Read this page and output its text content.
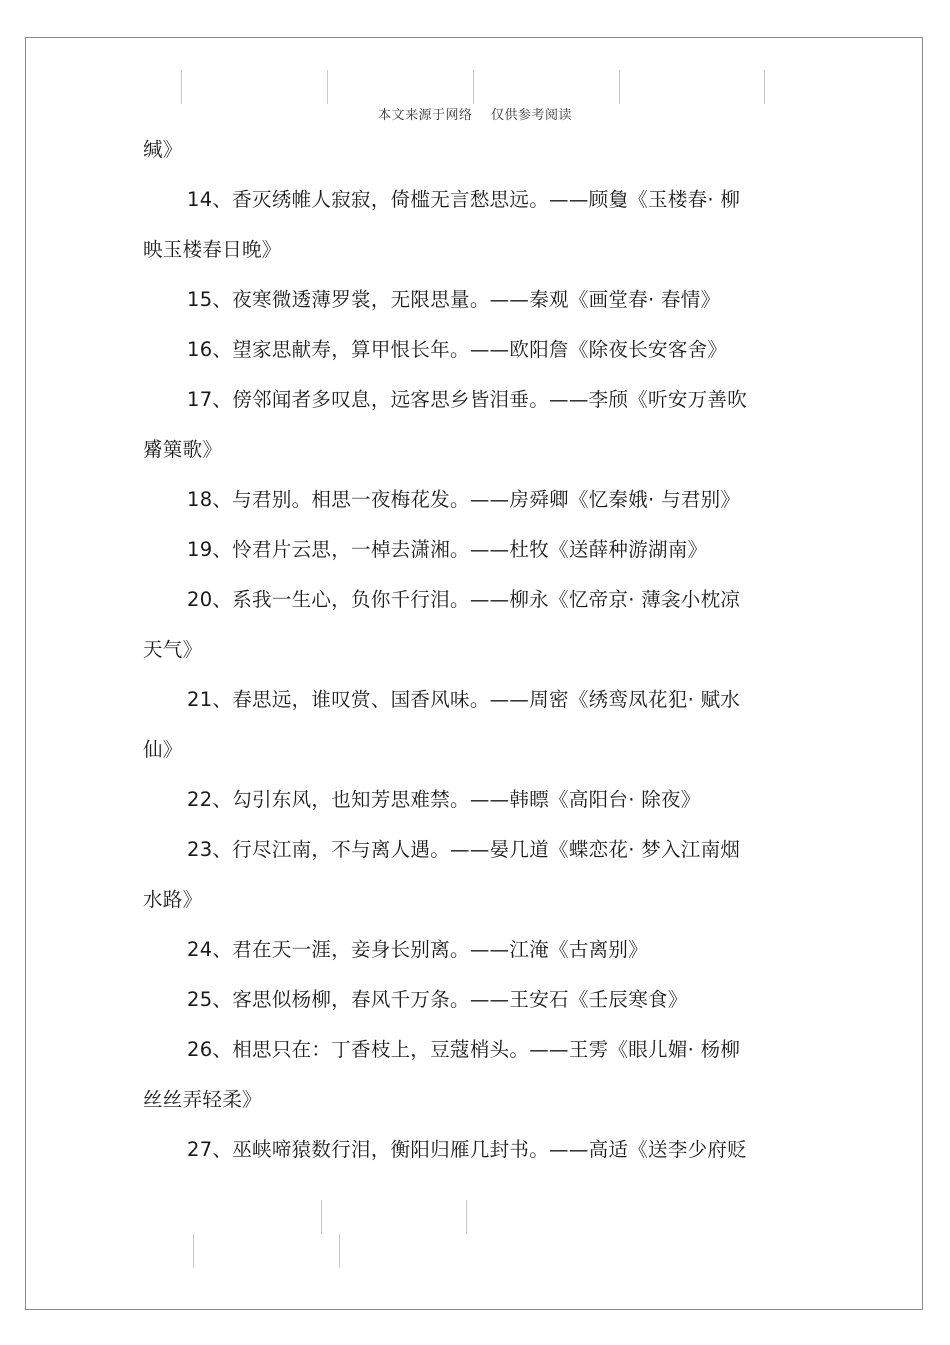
本文来源于网络    仅供参考阅读
缄》
14、香灭绣帷人寂寂，倚槛无言愁思远。——顾敻《玉楼春· 柳
映玉楼春日晚》
15、夜寒微透薄罗裳，无限思量。——秦观《画堂春· 春情》
16、望家思献寿，算甲恨长年。——欧阳詹《除夜长安客舍》
17、傍邻闻者多叹息，远客思乡皆泪垂。——李颀《听安万善吹
觱篥歌》
18、与君别。相思一夜梅花发。——房舜卿《忆秦娥· 与君别》
19、怜君片云思，一棹去潇湘。——杜牧《送薛种游湖南》
20、系我一生心，负你千行泪。——柳永《忆帝京· 薄衾小枕凉
天气》
21、春思远，谁叹赏、国香风味。——周密《绣鸾凤花犯· 赋水
仙》
22、勾引东风，也知芳思难禁。——韩瞟《高阳台· 除夜》
23、行尽江南，不与离人遇。——晏几道《蝶恋花· 梦入江南烟
水路》
24、君在天一涯，妾身长别离。——江淹《古离别》
25、客思似杨柳，春风千万条。——王安石《壬辰寒食》
26、相思只在：丁香枝上，豆蔻梢头。——王雱《眼儿媚· 杨柳
丝丝弄轻柔》
27、巫峡啼猿数行泪，衡阳归雁几封书。——高适《送李少府贬
